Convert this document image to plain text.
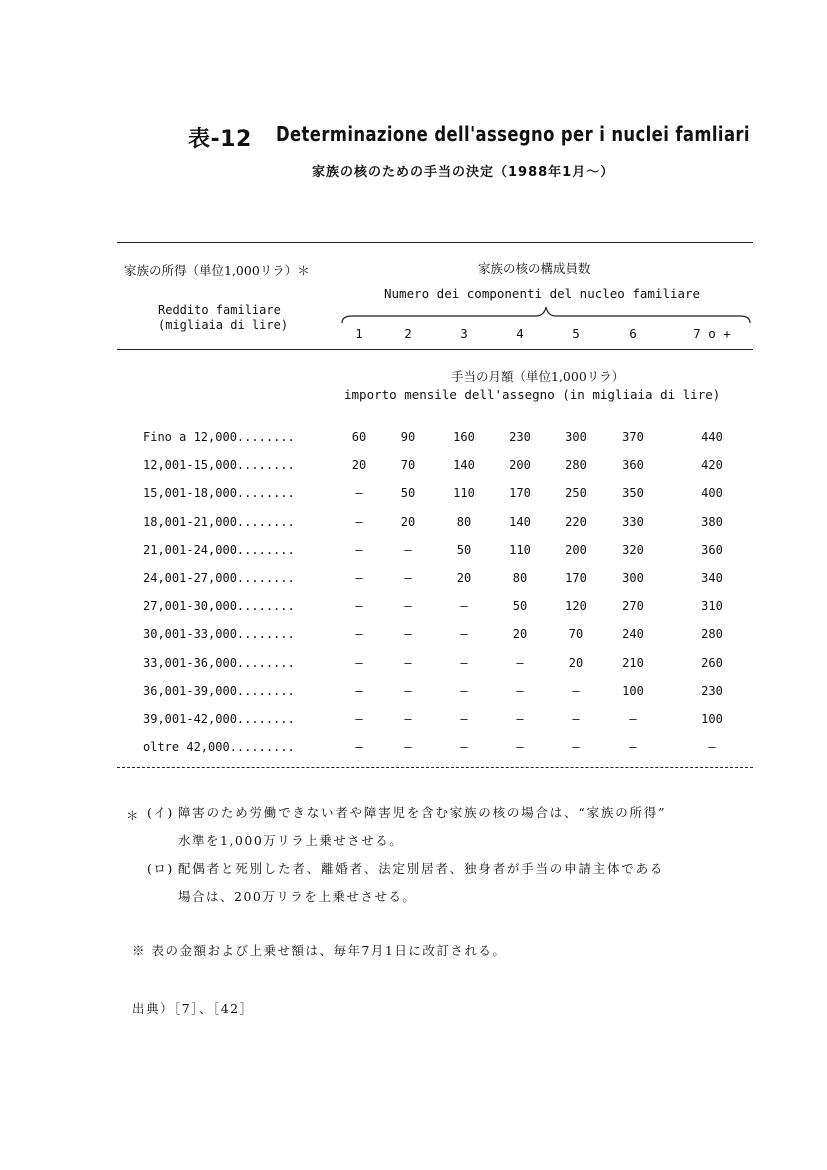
表-12 Determinazione dell'assegno per i nuclei famliari
家族の核のための手当の決定（1988年1月～）
家族の所得（単位1,000リラ）＊	家族の核の構成員数
Numero dei componenti del nucleo familiare
Reddito familiare
(migliaia di lire)
1	2	3	4	5	6	7 o +
手当の月額（単位1,000リラ）
importo mensile dell'assegno (in migliaia di lire)
Fino a 12,000........	60	90	160	230	300	370	440
12,001-15,000........	20	70	140	200	280	360	420
15,001-18,000........	—	50	110	170	250	350	400
18,001-21,000........	—	20	80	140	220	330	380
21,001-24,000........	—	—	50	110	200	320	360
24,001-27,000........	—	—	20	80	170	300	340
27,001-30,000........	—	—	—	50	120	270	310
30,001-33,000........	—	—	—	20	70	240	280
33,001-36,000........	—	—	—	—	20	210	260
36,001-39,000........	—	—	—	—	—	100	230
39,001-42,000........	—	—	—	—	—	—	100
oltre 42,000.........	—	—	—	—	—	—	—
＊ (イ) 障害のため労働できない者や障害児を含む家族の核の場合は、“家族の所得”
水準を1,000万リラ上乗せさせる。
(ロ) 配偶者と死別した者、離婚者、法定別居者、独身者が手当の申請主体である
場合は、200万リラを上乗せさせる。
※ 表の金額および上乗せ額は、毎年7月1日に改訂される。
出典）［7］、［42］
